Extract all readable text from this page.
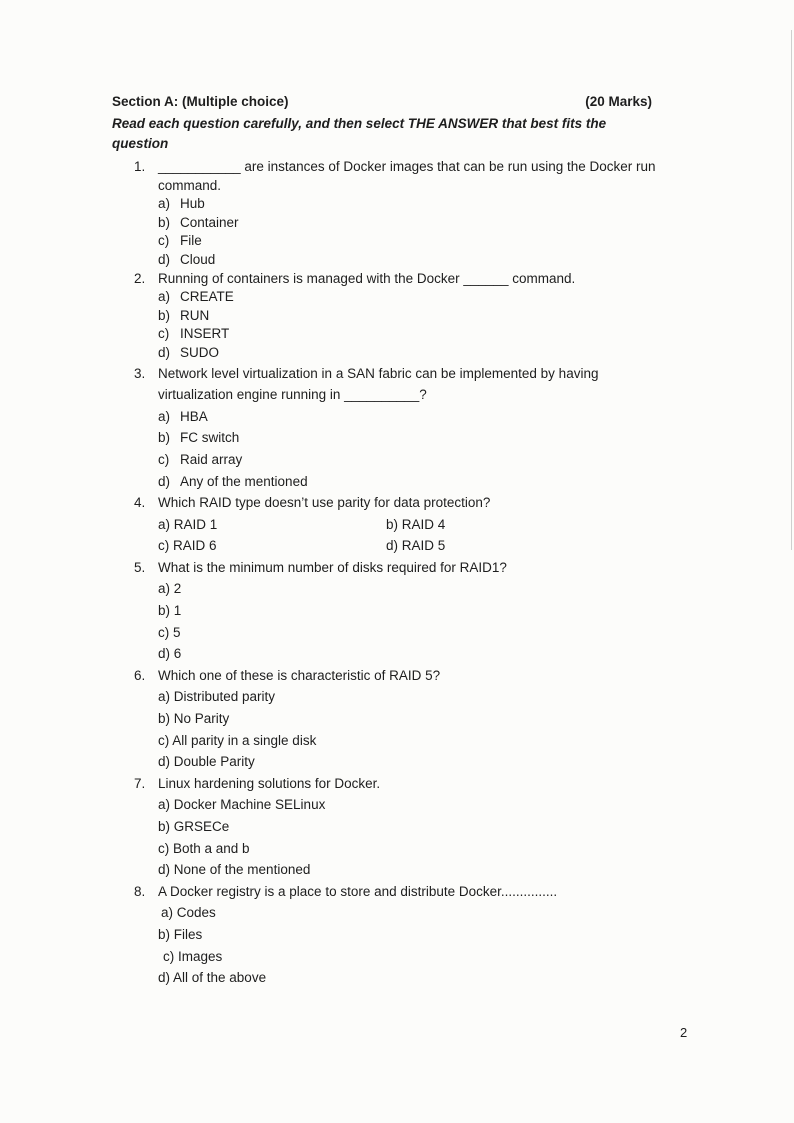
Section A: (Multiple choice)	(20 Marks)
Read each question carefully, and then select THE ANSWER that best fits the question
1. ___________ are instances of Docker images that can be run using the Docker run
command.
a) Hub
b) Container
c) File
d) Cloud
2. Running of containers is managed with the Docker ______ command.
a) CREATE
b) RUN
c) INSERT
d) SUDO
3. Network level virtualization in a SAN fabric can be implemented by having
virtualization engine running in __________?
a) HBA
b) FC switch
c) Raid array
d) Any of the mentioned
4. Which RAID type doesn’t use parity for data protection?
a) RAID 1	b) RAID 4
c) RAID 6	d) RAID 5
5. What is the minimum number of disks required for RAID1?
a) 2
b) 1
c) 5
d) 6
6. Which one of these is characteristic of RAID 5?
a) Distributed parity
b) No Parity
c) All parity in a single disk
d) Double Parity
7. Linux hardening solutions for Docker.
a) Docker Machine SELinux
b) GRSECe
c) Both a and b
d) None of the mentioned
8. A Docker registry is a place to store and distribute Docker...............
a) Codes
b) Files
c) Images
d) All of the above
2
